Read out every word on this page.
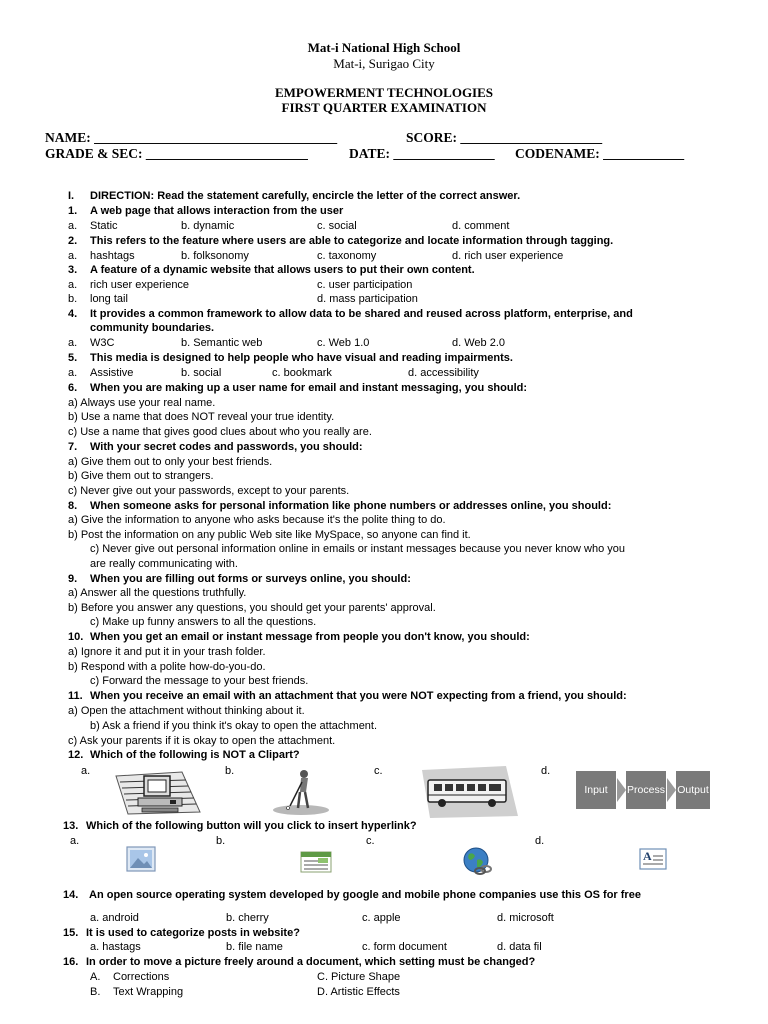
Mat-i National High School
Mat-i, Surigao City
EMPOWERMENT TECHNOLOGIES
FIRST QUARTER EXAMINATION
NAME: ____________________________________	SCORE: _____________________
GRADE & SEC: ________________________	DATE: _______________ CODENAME: ____________
I. DIRECTION: Read the statement carefully, encircle the letter of the correct answer.
1. A web page that allows interaction from the user
a. Static	b. dynamic	c. social	d. comment
2. This refers to the feature where users are able to categorize and locate information through tagging.
a. hashtags	b. folksonomy	c. taxonomy	d. rich user experience
3. A feature of a dynamic website that allows users to put their own content.
a. rich user experience	c. user participation
b. long tail	d. mass participation
4. It provides a common framework to allow data to be shared and reused across platform, enterprise, and
community boundaries.
a. W3C	b. Semantic web	c. Web 1.0	d. Web 2.0
5. This media is designed to help people who have visual and reading impairments.
a. Assistive	b. social	c. bookmark	d. accessibility
6. When you are making up a user name for email and instant messaging, you should:
a) Always use your real name.
b) Use a name that does NOT reveal your true identity.
c) Use a name that gives good clues about who you really are.
7. With your secret codes and passwords, you should:
a) Give them out to only your best friends.
b) Give them out to strangers.
c) Never give out your passwords, except to your parents.
8. When someone asks for personal information like phone numbers or addresses online, you should:
a) Give the information to anyone who asks because it's the polite thing to do.
b) Post the information on any public Web site like MySpace, so anyone can find it.
c) Never give out personal information online in emails or instant messages because you never know who you
are really communicating with.
9. When you are filling out forms or surveys online, you should:
a) Answer all the questions truthfully.
b) Before you answer any questions, you should get your parents' approval.
c) Make up funny answers to all the questions.
10. When you get an email or instant message from people you don't know, you should:
a) Ignore it and put it in your trash folder.
b) Respond with a polite how-do-you-do.
c) Forward the message to your best friends.
11. When you receive an email with an attachment that you were NOT expecting from a friend, you should:
a) Open the attachment without thinking about it.
b) Ask a friend if you think it's okay to open the attachment.
c) Ask your parents if it is okay to open the attachment.
12. Which of the following is NOT a Clipart?
a.	b.	c.	d.
Input	Process Output
13. Which of the following button will you click to insert hyperlink?
a.	b.	c.	d.
A
14. An open source operating system developed by google and mobile phone companies use this OS for free
a. android	b. cherry	c. apple	d. microsoft
15. It is used to categorize posts in website?
a. hastags	b. file name	c. form document	d. data fil
16. In order to move a picture freely around a document, which setting must be changed?
A. Corrections	C. Picture Shape
B. Text Wrapping	D. Artistic Effects
